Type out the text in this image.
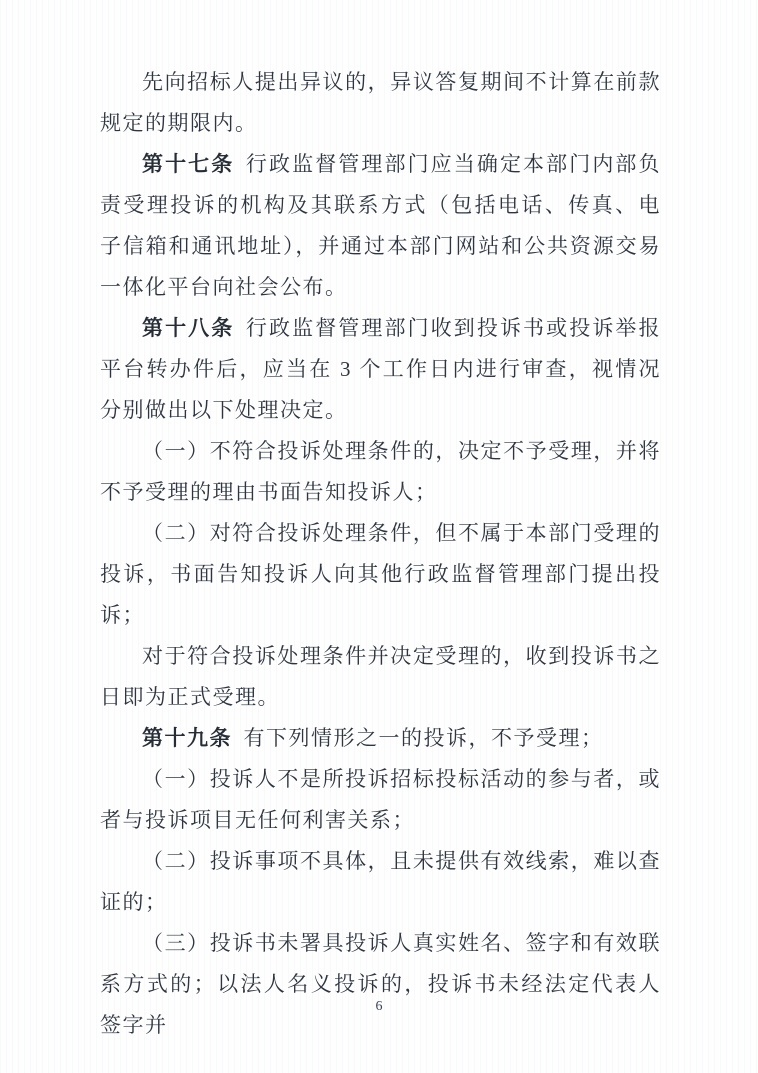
先向招标人提出异议的，异议答复期间不计算在前款规定的期限内。

第十七条 行政监督管理部门应当确定本部门内部负责受理投诉的机构及其联系方式（包括电话、传真、电子信箱和通讯地址），并通过本部门网站和公共资源交易一体化平台向社会公布。

第十八条 行政监督管理部门收到投诉书或投诉举报平台转办件后，应当在 3 个工作日内进行审查，视情况分别做出以下处理决定。

（一）不符合投诉处理条件的，决定不予受理，并将不予受理的理由书面告知投诉人；

（二）对符合投诉处理条件，但不属于本部门受理的投诉，书面告知投诉人向其他行政监督管理部门提出投诉；

对于符合投诉处理条件并决定受理的，收到投诉书之日即为正式受理。

第十九条 有下列情形之一的投诉，不予受理；

（一）投诉人不是所投诉招标投标活动的参与者，或者与投诉项目无任何利害关系；

（二）投诉事项不具体，且未提供有效线索，难以查证的；

（三）投诉书未署具投诉人真实姓名、签字和有效联系方式的；以法人名义投诉的，投诉书未经法定代表人签字并

6
